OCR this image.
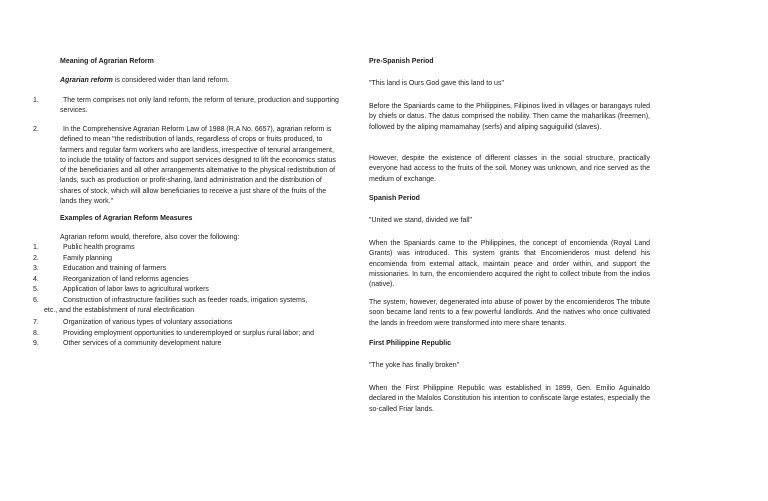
Meaning of Agrarian Reform

Agrarian reform is considered wider than land reform.

1.	The term comprises not only land reform, the reform of tenure, production and supporting services.

2.	In the Comprehensive Agrarian Reform Law of 1988 (R.A No. 6657), agrarian reform is defined to mean "the redistribution of lands, regardless of crops or fruits produced, to farmers and regular farm workers who are landless, irrespective of tenurial arrangement, to include the totality of factors and support services designed to lift the economics status of the beneficiaries and all other arrangements alternative to the physical redistribution of lands, such as production or profit-sharing, land administration and the distribution of shares of stock, which will allow beneficiaries to receive a just share of the fruits of the lands they work."

Examples of Agrarian Reform Measures

Agrarian reform would, therefore, also cover the following:

1.	Public health programs
2.	Family planning
3.	Education and training of farmers
4.	Reorganization of land reforms agencies
5.	Application of labor laws to agricultural workers
6.	Construction of infrastructure facilities such as feeder roads, irrigation systems,
etc., and the establishment of rural electrification
7.	Organization of various types of voluntary associations
8.	Providing employment opportunities to underemployed or surplus rural labor; and
9.	Other services of a community development nature

Pre-Spanish Period

"This land is Ours God gave this land to us"

Before the Spaniards came to the Philippines, Filipinos lived in villages or barangays ruled by chiefs or datus. The datus comprised the nobility. Then came the maharlikas (freemen), followed by the aliping mamamahay (serfs) and aliping saguiguilid (slaves).

However, despite the existence of different classes in the social structure, practically everyone had access to the fruits of the soil. Money was unknown, and rice served as the medium of exchange.

Spanish Period

"United we stand, divided we fall"

When the Spaniards came to the Philippines, the concept of encomienda (Royal Land Grants) was introduced. This system grants that Encomienderos must defend his encomienda from external attack, maintain peace and order within, and support the missionaries. In turn, the encomiendero acquired the right to collect tribute from the indios (native).

The system, however, degenerated into abuse of power by the encomienderos The tribute soon became land rents to a few powerful landlords. And the natives who once cultivated the lands in freedom were transformed into mere share tenants.

First Philippine Republic

"The yoke has finally broken"

When the First Philippine Republic was established in 1899, Gen. Emilio Aguinaldo declared in the Malolos Constitution his intention to confiscate large estates, especially the so-called Friar lands.
